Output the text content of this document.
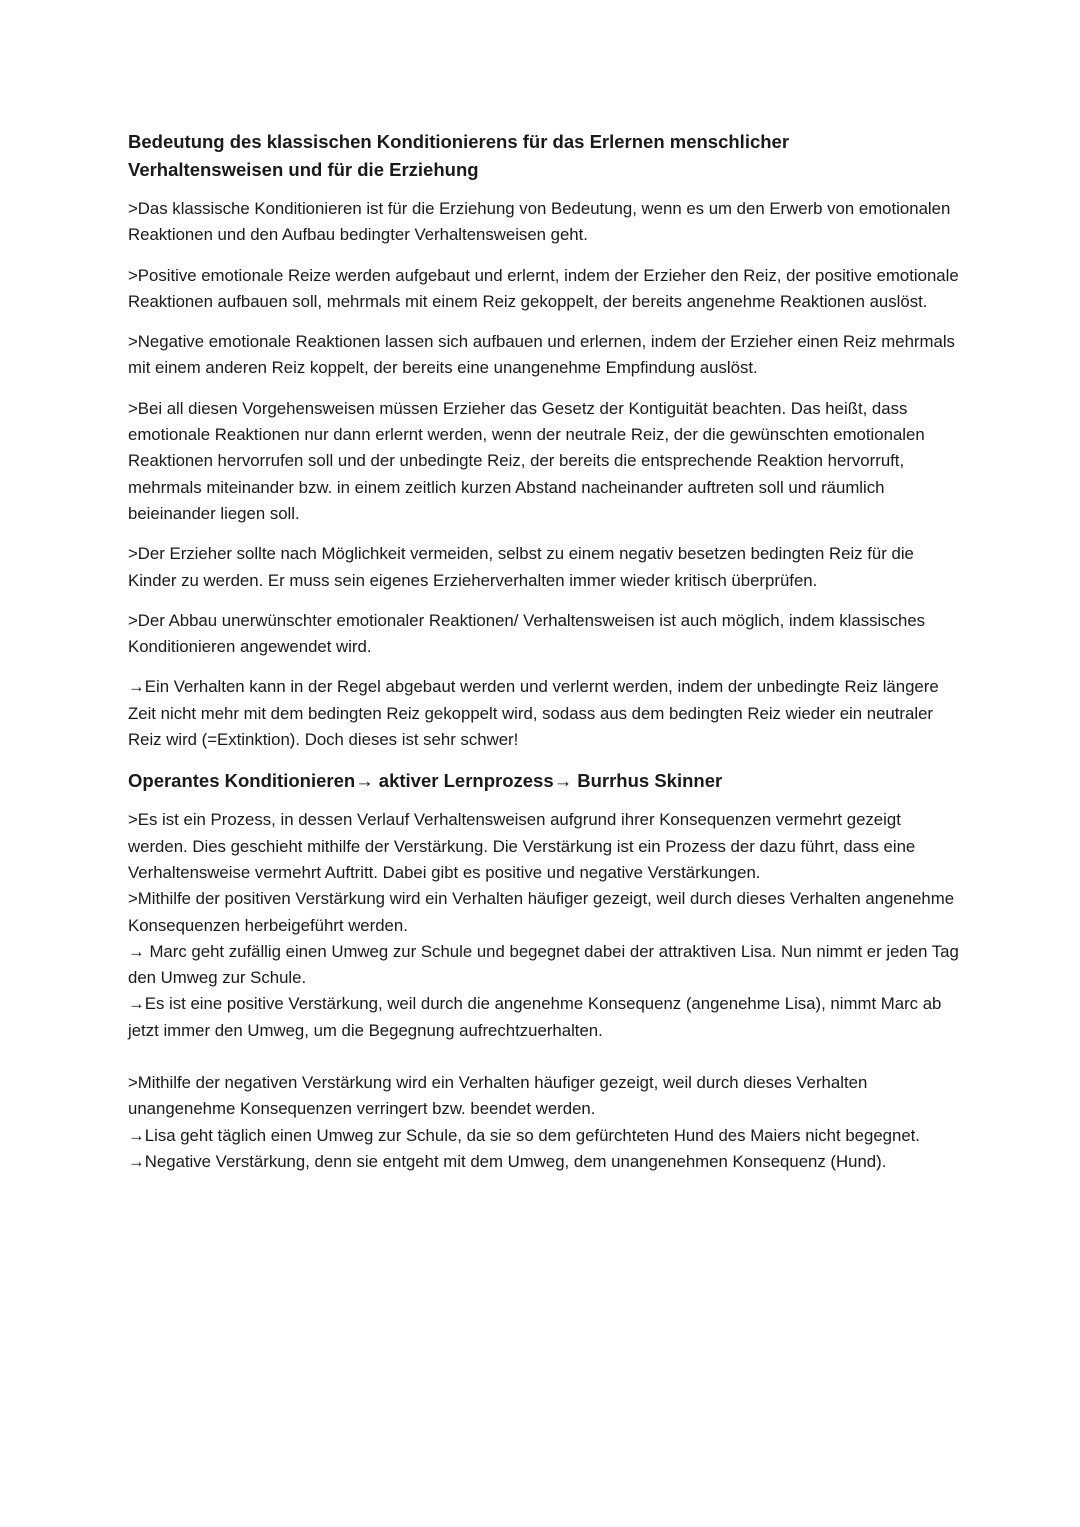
Bedeutung des klassischen Konditionierens für das Erlernen menschlicher
Verhaltensweisen und für die Erziehung

>Das klassische Konditionieren ist für die Erziehung von Bedeutung, wenn es um den Erwerb von emotionalen Reaktionen und den Aufbau bedingter Verhaltensweisen geht.

>Positive emotionale Reize werden aufgebaut und erlernt, indem der Erzieher den Reiz, der positive emotionale Reaktionen aufbauen soll, mehrmals mit einem Reiz gekoppelt, der bereits angenehme Reaktionen auslöst.

>Negative emotionale Reaktionen lassen sich aufbauen und erlernen, indem der Erzieher einen Reiz mehrmals mit einem anderen Reiz koppelt, der bereits eine unangenehme Empfindung auslöst.

>Bei all diesen Vorgehensweisen müssen Erzieher das Gesetz der Kontiguität beachten. Das heißt, dass emotionale Reaktionen nur dann erlernt werden, wenn der neutrale Reiz, der die gewünschten emotionalen Reaktionen hervorrufen soll und der unbedingte Reiz, der bereits die entsprechende Reaktion hervorruft, mehrmals miteinander bzw. in einem zeitlich kurzen Abstand nacheinander auftreten soll und räumlich beieinander liegen soll.

>Der Erzieher sollte nach Möglichkeit vermeiden, selbst zu einem negativ besetzen bedingten Reiz für die Kinder zu werden. Er muss sein eigenes Erzieherverhalten immer wieder kritisch überprüfen.

>Der Abbau unerwünschter emotionaler Reaktionen/ Verhaltensweisen ist auch möglich, indem klassisches Konditionieren angewendet wird.

→Ein Verhalten kann in der Regel abgebaut werden und verlernt werden, indem der unbedingte Reiz längere Zeit nicht mehr mit dem bedingten Reiz gekoppelt wird, sodass aus dem bedingten Reiz wieder ein neutraler Reiz wird (=Extinktion). Doch dieses ist sehr schwer!

Operantes Konditionieren→ aktiver Lernprozess→ Burrhus Skinner

>Es ist ein Prozess, in dessen Verlauf Verhaltensweisen aufgrund ihrer Konsequenzen vermehrt gezeigt werden. Dies geschieht mithilfe der Verstärkung. Die Verstärkung ist ein Prozess der dazu führt, dass eine Verhaltensweise vermehrt Auftritt. Dabei gibt es positive und negative Verstärkungen.

>Mithilfe der positiven Verstärkung wird ein Verhalten häufiger gezeigt, weil durch dieses Verhalten angenehme Konsequenzen herbeigeführt werden.

→ Marc geht zufällig einen Umweg zur Schule und begegnet dabei der attraktiven Lisa. Nun nimmt er jeden Tag den Umweg zur Schule.

→Es ist eine positive Verstärkung, weil durch die angenehme Konsequenz (angenehme Lisa), nimmt Marc ab jetzt immer den Umweg, um die Begegnung aufrechtzuerhalten.

>Mithilfe der negativen Verstärkung wird ein Verhalten häufiger gezeigt, weil durch dieses Verhalten unangenehme Konsequenzen verringert bzw. beendet werden.

→Lisa geht täglich einen Umweg zur Schule, da sie so dem gefürchteten Hund des Maiers nicht begegnet.

→Negative Verstärkung, denn sie entgeht mit dem Umweg, dem unangenehmen Konsequenz (Hund).
